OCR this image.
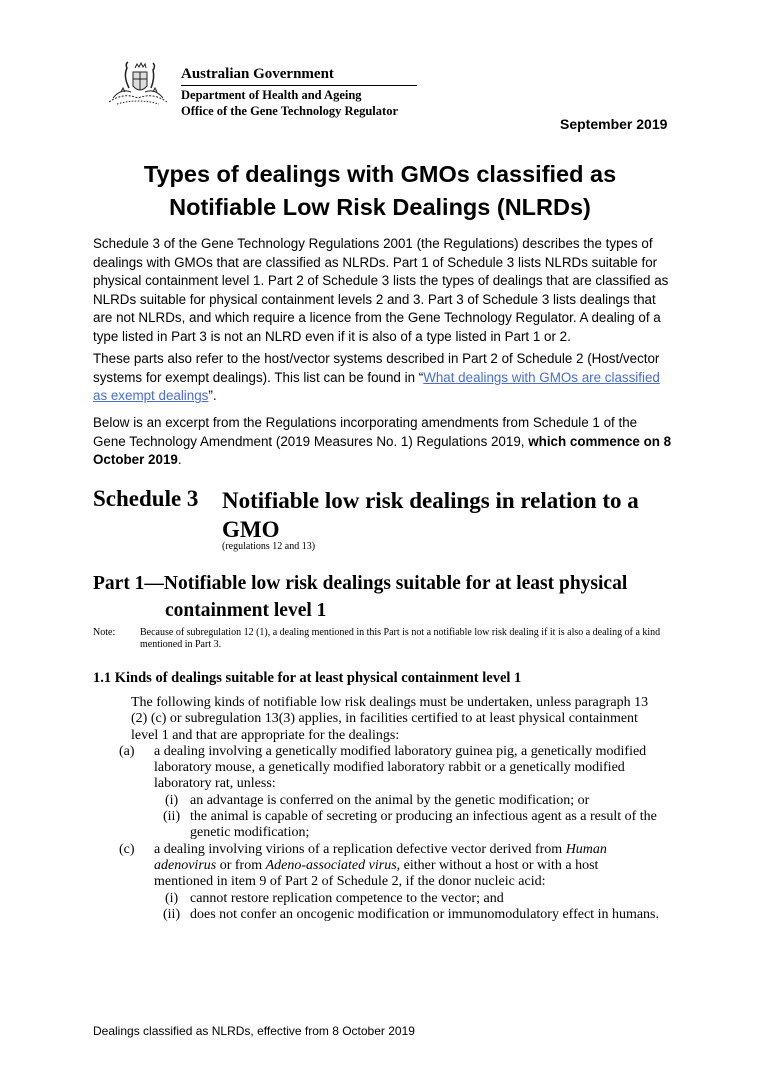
Australian Government
Department of Health and Ageing
Office of the Gene Technology Regulator
September 2019
Types of dealings with GMOs classified as
Notifiable Low Risk Dealings (NLRDs)
Schedule 3 of the Gene Technology Regulations 2001 (the Regulations) describes the types of dealings with GMOs that are classified as NLRDs. Part 1 of Schedule 3 lists NLRDs suitable for physical containment level 1. Part 2 of Schedule 3 lists the types of dealings that are classified as NLRDs suitable for physical containment levels 2 and 3. Part 3 of Schedule 3 lists dealings that are not NLRDs, and which require a licence from the Gene Technology Regulator. A dealing of a type listed in Part 3 is not an NLRD even if it is also of a type listed in Part 1 or 2.
These parts also refer to the host/vector systems described in Part 2 of Schedule 2 (Host/vector systems for exempt dealings). This list can be found in “What dealings with GMOs are classified as exempt dealings”.
Below is an excerpt from the Regulations incorporating amendments from Schedule 1 of the Gene Technology Amendment (2019 Measures No. 1) Regulations 2019, which commence on 8 October 2019.
Schedule 3 Notifiable low risk dealings in relation to a GMO
(regulations 12 and 13)
Part 1—Notifiable low risk dealings suitable for at least physical
containment level 1
Note: Because of subregulation 12 (1), a dealing mentioned in this Part is not a notifiable low risk dealing if it is also a dealing of a kind mentioned in Part 3.
1.1 Kinds of dealings suitable for at least physical containment level 1
The following kinds of notifiable low risk dealings must be undertaken, unless paragraph 13 (2) (c) or subregulation 13(3) applies, in facilities certified to at least physical containment level 1 and that are appropriate for the dealings:
(a)	a dealing involving a genetically modified laboratory guinea pig, a genetically modified laboratory mouse, a genetically modified laboratory rabbit or a genetically modified laboratory rat, unless:
(i) an advantage is conferred on the animal by the genetic modification; or
(ii) the animal is capable of secreting or producing an infectious agent as a result of the genetic modification;
(c)	a dealing involving virions of a replication defective vector derived from Human adenovirus or from Adeno-associated virus, either without a host or with a host mentioned in item 9 of Part 2 of Schedule 2, if the donor nucleic acid:
(i) cannot restore replication competence to the vector; and
(ii) does not confer an oncogenic modification or immunomodulatory effect in humans.
Dealings classified as NLRDs, effective from 8 October 2019
